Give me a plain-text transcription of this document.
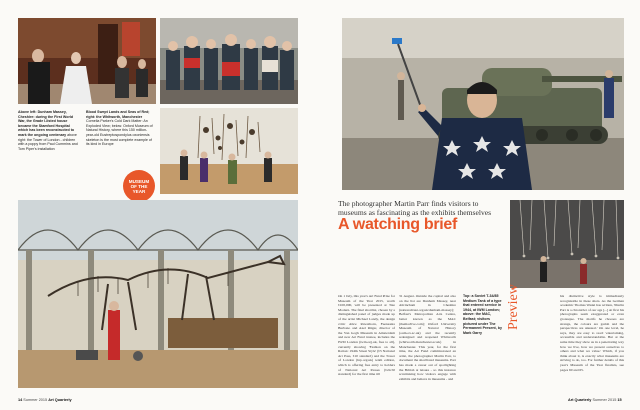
Above left: Dunham Massey, Cheshire: during the First World War, the Grade I-listed house became the Stamford Hospital which has been reconstructed to mark the ongoing centenary above right: the Tower of London - children with a poppy from Paul Cummins and Tom Piper's installation
Blood Swept Lands and Seas of Red; right: the Whitworth, Manchester Cornelia Parker's Cold Dark Matter: An Exploded View; below: Oxford Museum of Natural History, where this 150 million-year-old Eustreptospondylus oxoniensis skeleton is the most complete example of its kind in Europe
MUSEUM OF THE YEAR
14 Summer 2015 Art Quarterly
The photographer Martin Parr finds visitors to museums as fascinating as the exhibits themselves
A watching brief
On 1 July, this year's Art Fund Prize for Museum of the Year 2015, worth £100,000, will be presented at Tate Modern. The final shortlist, chosen by a distinguished panel of judges made up of the artist Michael Landy, the design critic Alice Rawsthorn, Fuensanta Burbano and Axel Rüger, director of the Van Gogh Museum in Amsterdam and new Art Fund trustee, includes the IWM London (iwm.org.uk, free to all), currently showing 'Fashion on the Ration: 1940s Street Style' (£5 National Art Pass, £10 standard) and the Tower of London (hrp.org.uk) tenth edition, which is offering free entry to holders of National Art Passes (£24.50 standard) for the first time till
31 August. Outside the capital and also on the list are Dunham Massey, near Altrincham in Cheshire (nationaltrust.org.uk/dunham-massey); Belfast's Metropolitan Arts Centre, better known as the MAC (themaclive.com); Oxford University Museum of Natural History (oum.ox.ac.uk) and the recently redesigned and reopened Whitworth (whitworth.manchester.ac.uk) in Manchester. This year, for the first time, the Art Fund commissioned an artist, the photographer Martin Parr, to document the shortlisted museums. Parr has made a career out of spotlighting the British at leisure - so this instance scrutinising how visitors engage with exhibits and behave in museums - and
his distinctive style is immediately recognisable in these shots. As the German academic Thomas Weski has written, 'Martin Parr is a chronicler of our age [...] At first his photographs seem exaggerated or even grotesque. The motifs he chooses are strange, the colours are garish and the perspectives are unusual.' On one level, he says, they are easy to read: 'entertaining, accessible and understandable. But at the same time they show us in a penetrating way how we live, how we present ourselves to others and what we value.' Which, if you think about it, is exactly what museums are striving to do, too. For further details of this year's Museum of the Year finalists, see pages 60 and 65.
Top: a Soviet T-34/85 Medium Tank of a type that entered service in 1944, at IWM London; above: the MAC, Belfast; visitors pictured under The Permanent Present, by Mark Garry
Preview
Art Quarterly Summer 2015 15
